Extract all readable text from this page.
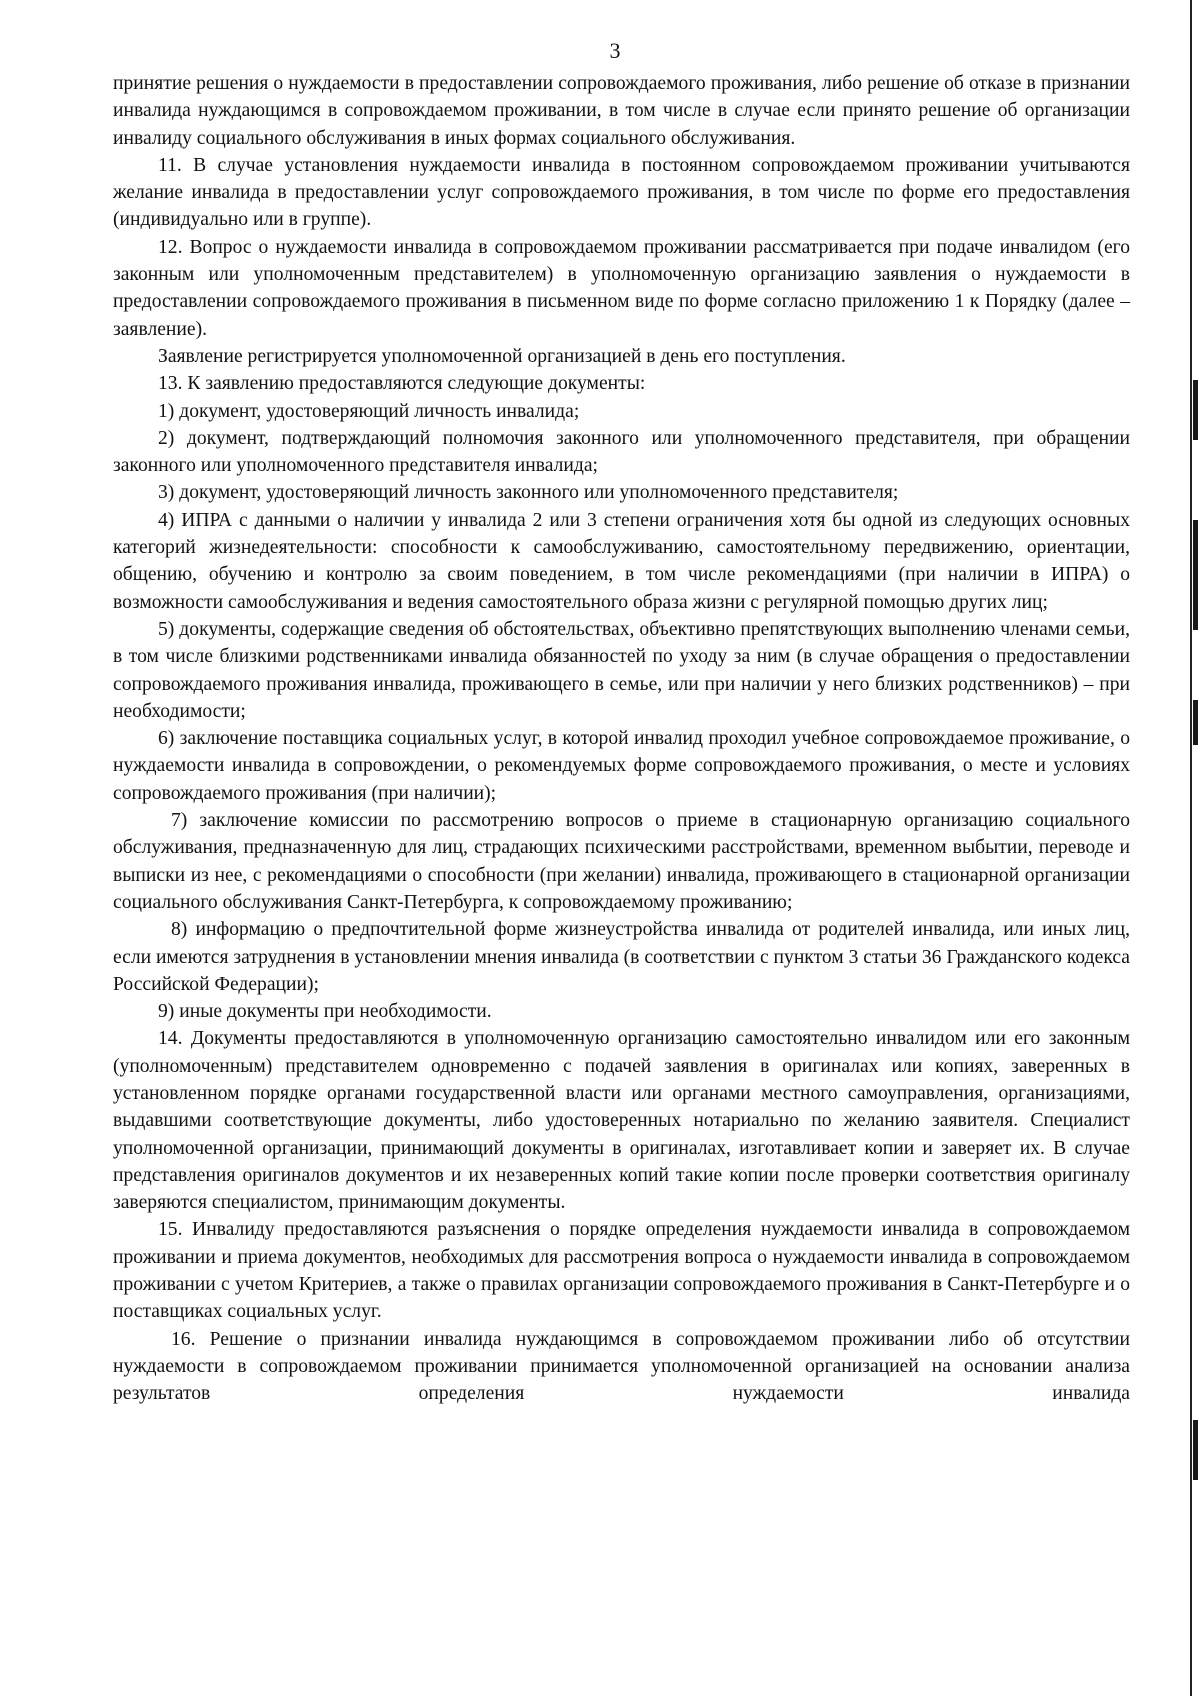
3

принятие решения о нуждаемости в предоставлении сопровождаемого проживания, либо решение об отказе в признании инвалида нуждающимся в сопровождаемом проживании, в том числе в случае если принято решение об организации инвалиду социального обслуживания в иных формах социального обслуживания.

11. В случае установления нуждаемости инвалида в постоянном сопровождаемом проживании учитываются желание инвалида в предоставлении услуг сопровождаемого проживания, в том числе по форме его предоставления (индивидуально или в группе).

12. Вопрос о нуждаемости инвалида в сопровождаемом проживании рассматривается при подаче инвалидом (его законным или уполномоченным представителем) в уполномоченную организацию заявления о нуждаемости в предоставлении сопровождаемого проживания в письменном виде по форме согласно приложению 1 к Порядку (далее – заявление).

Заявление регистрируется уполномоченной организацией в день его поступления.

13. К заявлению предоставляются следующие документы:

1) документ, удостоверяющий личность инвалида;

2) документ, подтверждающий полномочия законного или уполномоченного представителя, при обращении законного или уполномоченного представителя инвалида;

3) документ, удостоверяющий личность законного или уполномоченного представителя;

4) ИПРА с данными о наличии у инвалида 2 или 3 степени ограничения хотя бы одной из следующих основных категорий жизнедеятельности: способности к самообслуживанию, самостоятельному передвижению, ориентации, общению, обучению и контролю за своим поведением, в том числе рекомендациями (при наличии в ИПРА) о возможности самообслуживания и ведения самостоятельного образа жизни с регулярной помощью других лиц;

5) документы, содержащие сведения об обстоятельствах, объективно препятствующих выполнению членами семьи, в том числе близкими родственниками инвалида обязанностей по уходу за ним (в случае обращения о предоставлении сопровождаемого проживания инвалида, проживающего в семье, или при наличии у него близких родственников) – при необходимости;

6) заключение поставщика социальных услуг, в которой инвалид проходил учебное сопровождаемое проживание, о нуждаемости инвалида в сопровождении, о рекомендуемых форме сопровождаемого проживания, о месте и условиях сопровождаемого проживания (при наличии);

7) заключение комиссии по рассмотрению вопросов о приеме в стационарную организацию социального обслуживания, предназначенную для лиц, страдающих психическими расстройствами, временном выбытии, переводе и выписки из нее, с рекомендациями о способности (при желании) инвалида, проживающего в стационарной организации социального обслуживания Санкт-Петербурга, к сопровождаемому проживанию;

8) информацию о предпочтительной форме жизнеустройства инвалида от родителей инвалида, или иных лиц, если имеются затруднения в установлении мнения инвалида (в соответствии с пунктом 3 статьи 36 Гражданского кодекса Российской Федерации);

9) иные документы при необходимости.

14. Документы предоставляются в уполномоченную организацию самостоятельно инвалидом или его законным (уполномоченным) представителем одновременно с подачей заявления в оригиналах или копиях, заверенных в установленном порядке органами государственной власти или органами местного самоуправления, организациями, выдавшими соответствующие документы, либо удостоверенных нотариально по желанию заявителя. Специалист уполномоченной организации, принимающий документы в оригиналах, изготавливает копии и заверяет их. В случае представления оригиналов документов и их незаверенных копий такие копии после проверки соответствия оригиналу заверяются специалистом, принимающим документы.

15. Инвалиду предоставляются разъяснения о порядке определения нуждаемости инвалида в сопровождаемом проживании и приема документов, необходимых для рассмотрения вопроса о нуждаемости инвалида в сопровождаемом проживании с учетом Критериев, а также о правилах организации сопровождаемого проживания в Санкт-Петербурге и о поставщиках социальных услуг.

16. Решение о признании инвалида нуждающимся в сопровождаемом проживании либо об отсутствии нуждаемости в сопровождаемом проживании принимается уполномоченной организацией на основании анализа результатов определения нуждаемости инвалида
